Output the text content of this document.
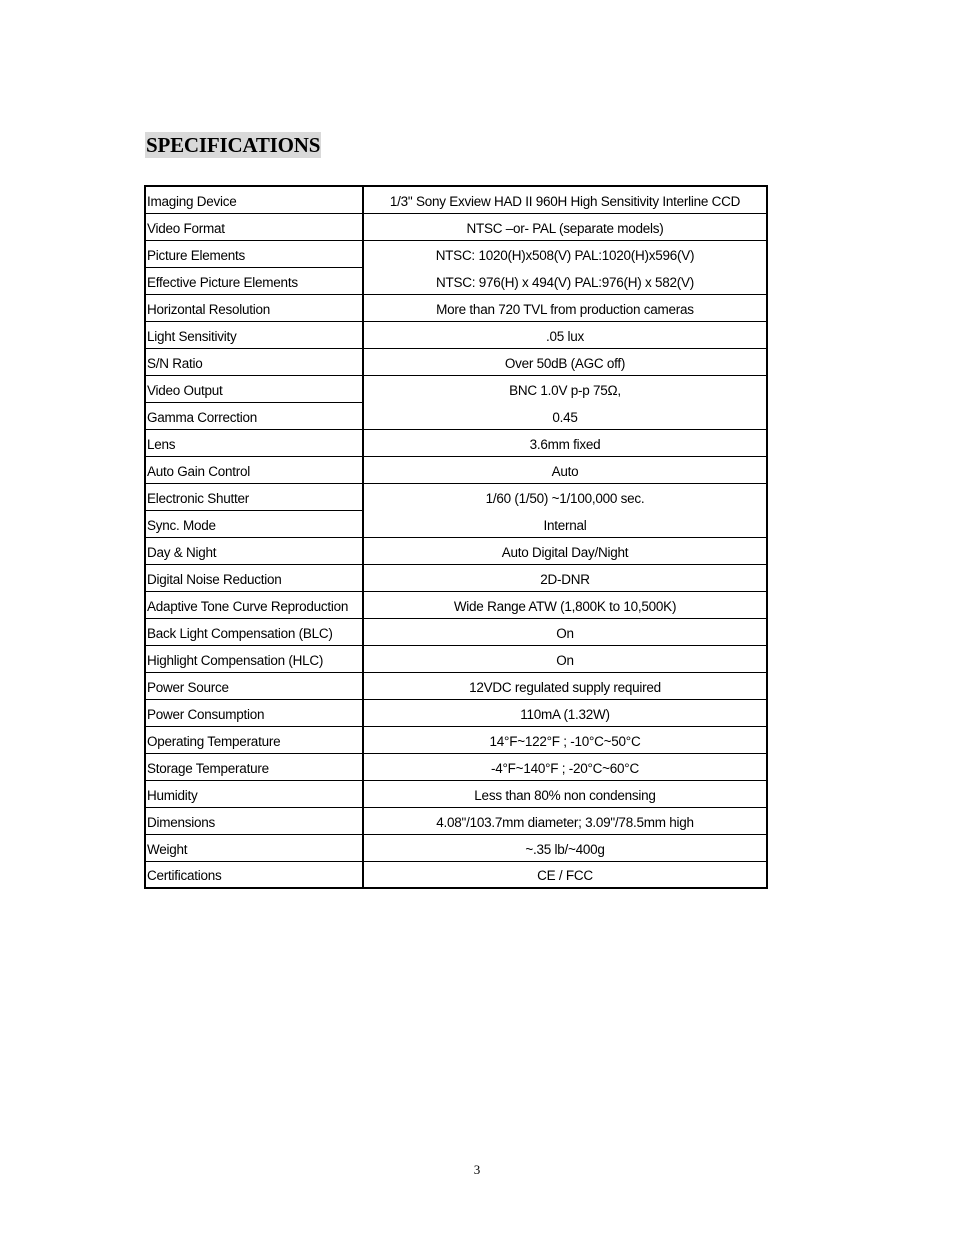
SPECIFICATIONS
Imaging Device	1/3" Sony Exview HAD II 960H High Sensitivity Interline CCD
Video Format	NTSC –or- PAL (separate models)
Picture Elements	NTSC: 1020(H)x508(V) PAL:1020(H)x596(V)
Effective Picture Elements	NTSC: 976(H) x 494(V) PAL:976(H) x 582(V)
Horizontal Resolution	More than 720 TVL from production cameras
Light Sensitivity	.05 lux
S/N Ratio	Over 50dB (AGC off)
Video Output	BNC 1.0V p-p 75Ω,
Gamma Correction	0.45
Lens	3.6mm fixed
Auto Gain Control	Auto
Electronic Shutter	1/60 (1/50) ~1/100,000 sec.
Sync. Mode	Internal
Day & Night	Auto Digital Day/Night
Digital Noise Reduction	2D-DNR
Adaptive Tone Curve Reproduction	Wide Range ATW (1,800K to 10,500K)
Back Light Compensation (BLC)	On
Highlight Compensation (HLC)	On
Power Source	12VDC regulated supply required
Power Consumption	110mA (1.32W)
Operating Temperature	14°F~122°F ; -10°C~50°C
Storage Temperature	-4°F~140°F ; -20°C~60°C
Humidity	Less than 80% non condensing
Dimensions	4.08"/103.7mm diameter; 3.09"/78.5mm high
Weight	~.35 lb/~400g
Certifications	CE / FCC
3
